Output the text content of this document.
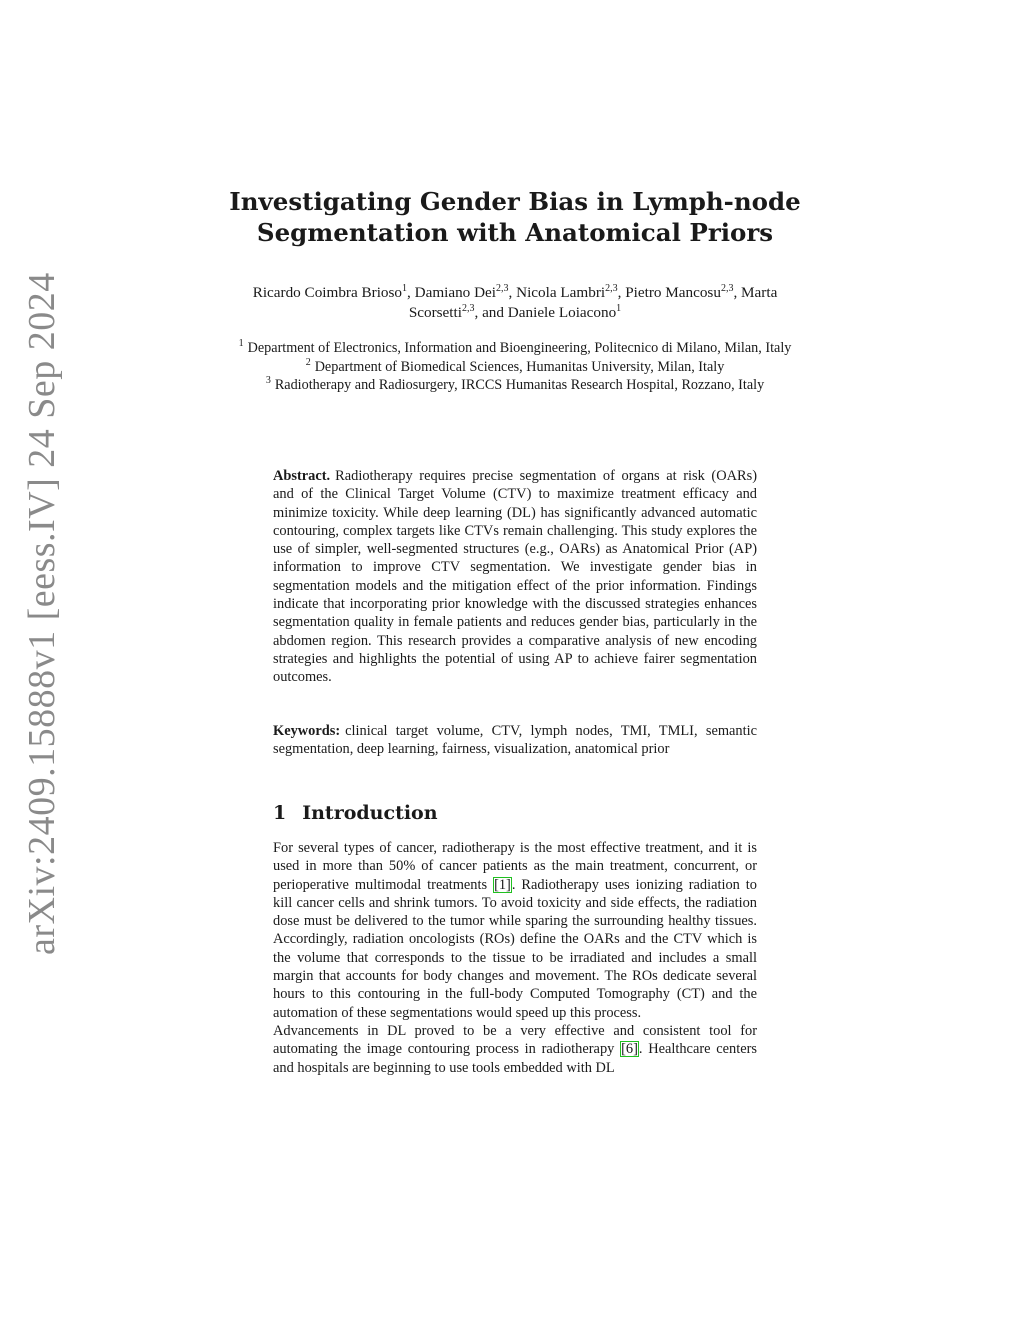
arXiv:2409.15888v1 [eess.IV] 24 Sep 2024
Investigating Gender Bias in Lymph-node
Segmentation with Anatomical Priors
Ricardo Coimbra Brioso$^1$, Damiano Dei$^{2,3}$, Nicola Lambri$^{2,3}$, Pietro Mancosu$^{2,3}$, Marta Scorsetti$^{2,3}$, and Daniele Loiacono$^1$
$^1$ Department of Electronics, Information and Bioengineering, Politecnico di Milano, Milan, Italy
$^2$ Department of Biomedical Sciences, Humanitas University, Milan, Italy
$^3$ Radiotherapy and Radiosurgery, IRCCS Humanitas Research Hospital, Rozzano, Italy
Abstract. Radiotherapy requires precise segmentation of organs at risk (OARs) and of the Clinical Target Volume (CTV) to maximize treatment efficacy and minimize toxicity. While deep learning (DL) has significantly advanced automatic contouring, complex targets like CTVs remain challenging. This study explores the use of simpler, well-segmented structures (e.g., OARs) as Anatomical Prior (AP) information to improve CTV segmentation. We investigate gender bias in segmentation models and the mitigation effect of the prior information. Findings indicate that incorporating prior knowledge with the discussed strategies enhances segmentation quality in female patients and reduces gender bias, particularly in the abdomen region. This research provides a comparative analysis of new encoding strategies and highlights the potential of using AP to achieve fairer segmentation outcomes.
Keywords: clinical target volume, CTV, lymph nodes, TMI, TMLI, semantic segmentation, deep learning, fairness, visualization, anatomical prior
1 Introduction

For several types of cancer, radiotherapy is the most effective treatment, and it is used in more than 50% of cancer patients as the main treatment, concurrent, or perioperative multimodal treatments [1]. Radiotherapy uses ionizing radiation to kill cancer cells and shrink tumors. To avoid toxicity and side effects, the radiation dose must be delivered to the tumor while sparing the surrounding healthy tissues. Accordingly, radiation oncologists (ROs) define the OARs and the CTV which is the volume that corresponds to the tissue to be irradiated and includes a small margin that accounts for body changes and movement. The ROs dedicate several hours to this contouring in the full-body Computed Tomography (CT) and the automation of these segmentations would speed up this process.

Advancements in DL proved to be a very effective and consistent tool for automating the image contouring process in radiotherapy [6]. Healthcare centers and hospitals are beginning to use tools embedded with DL
